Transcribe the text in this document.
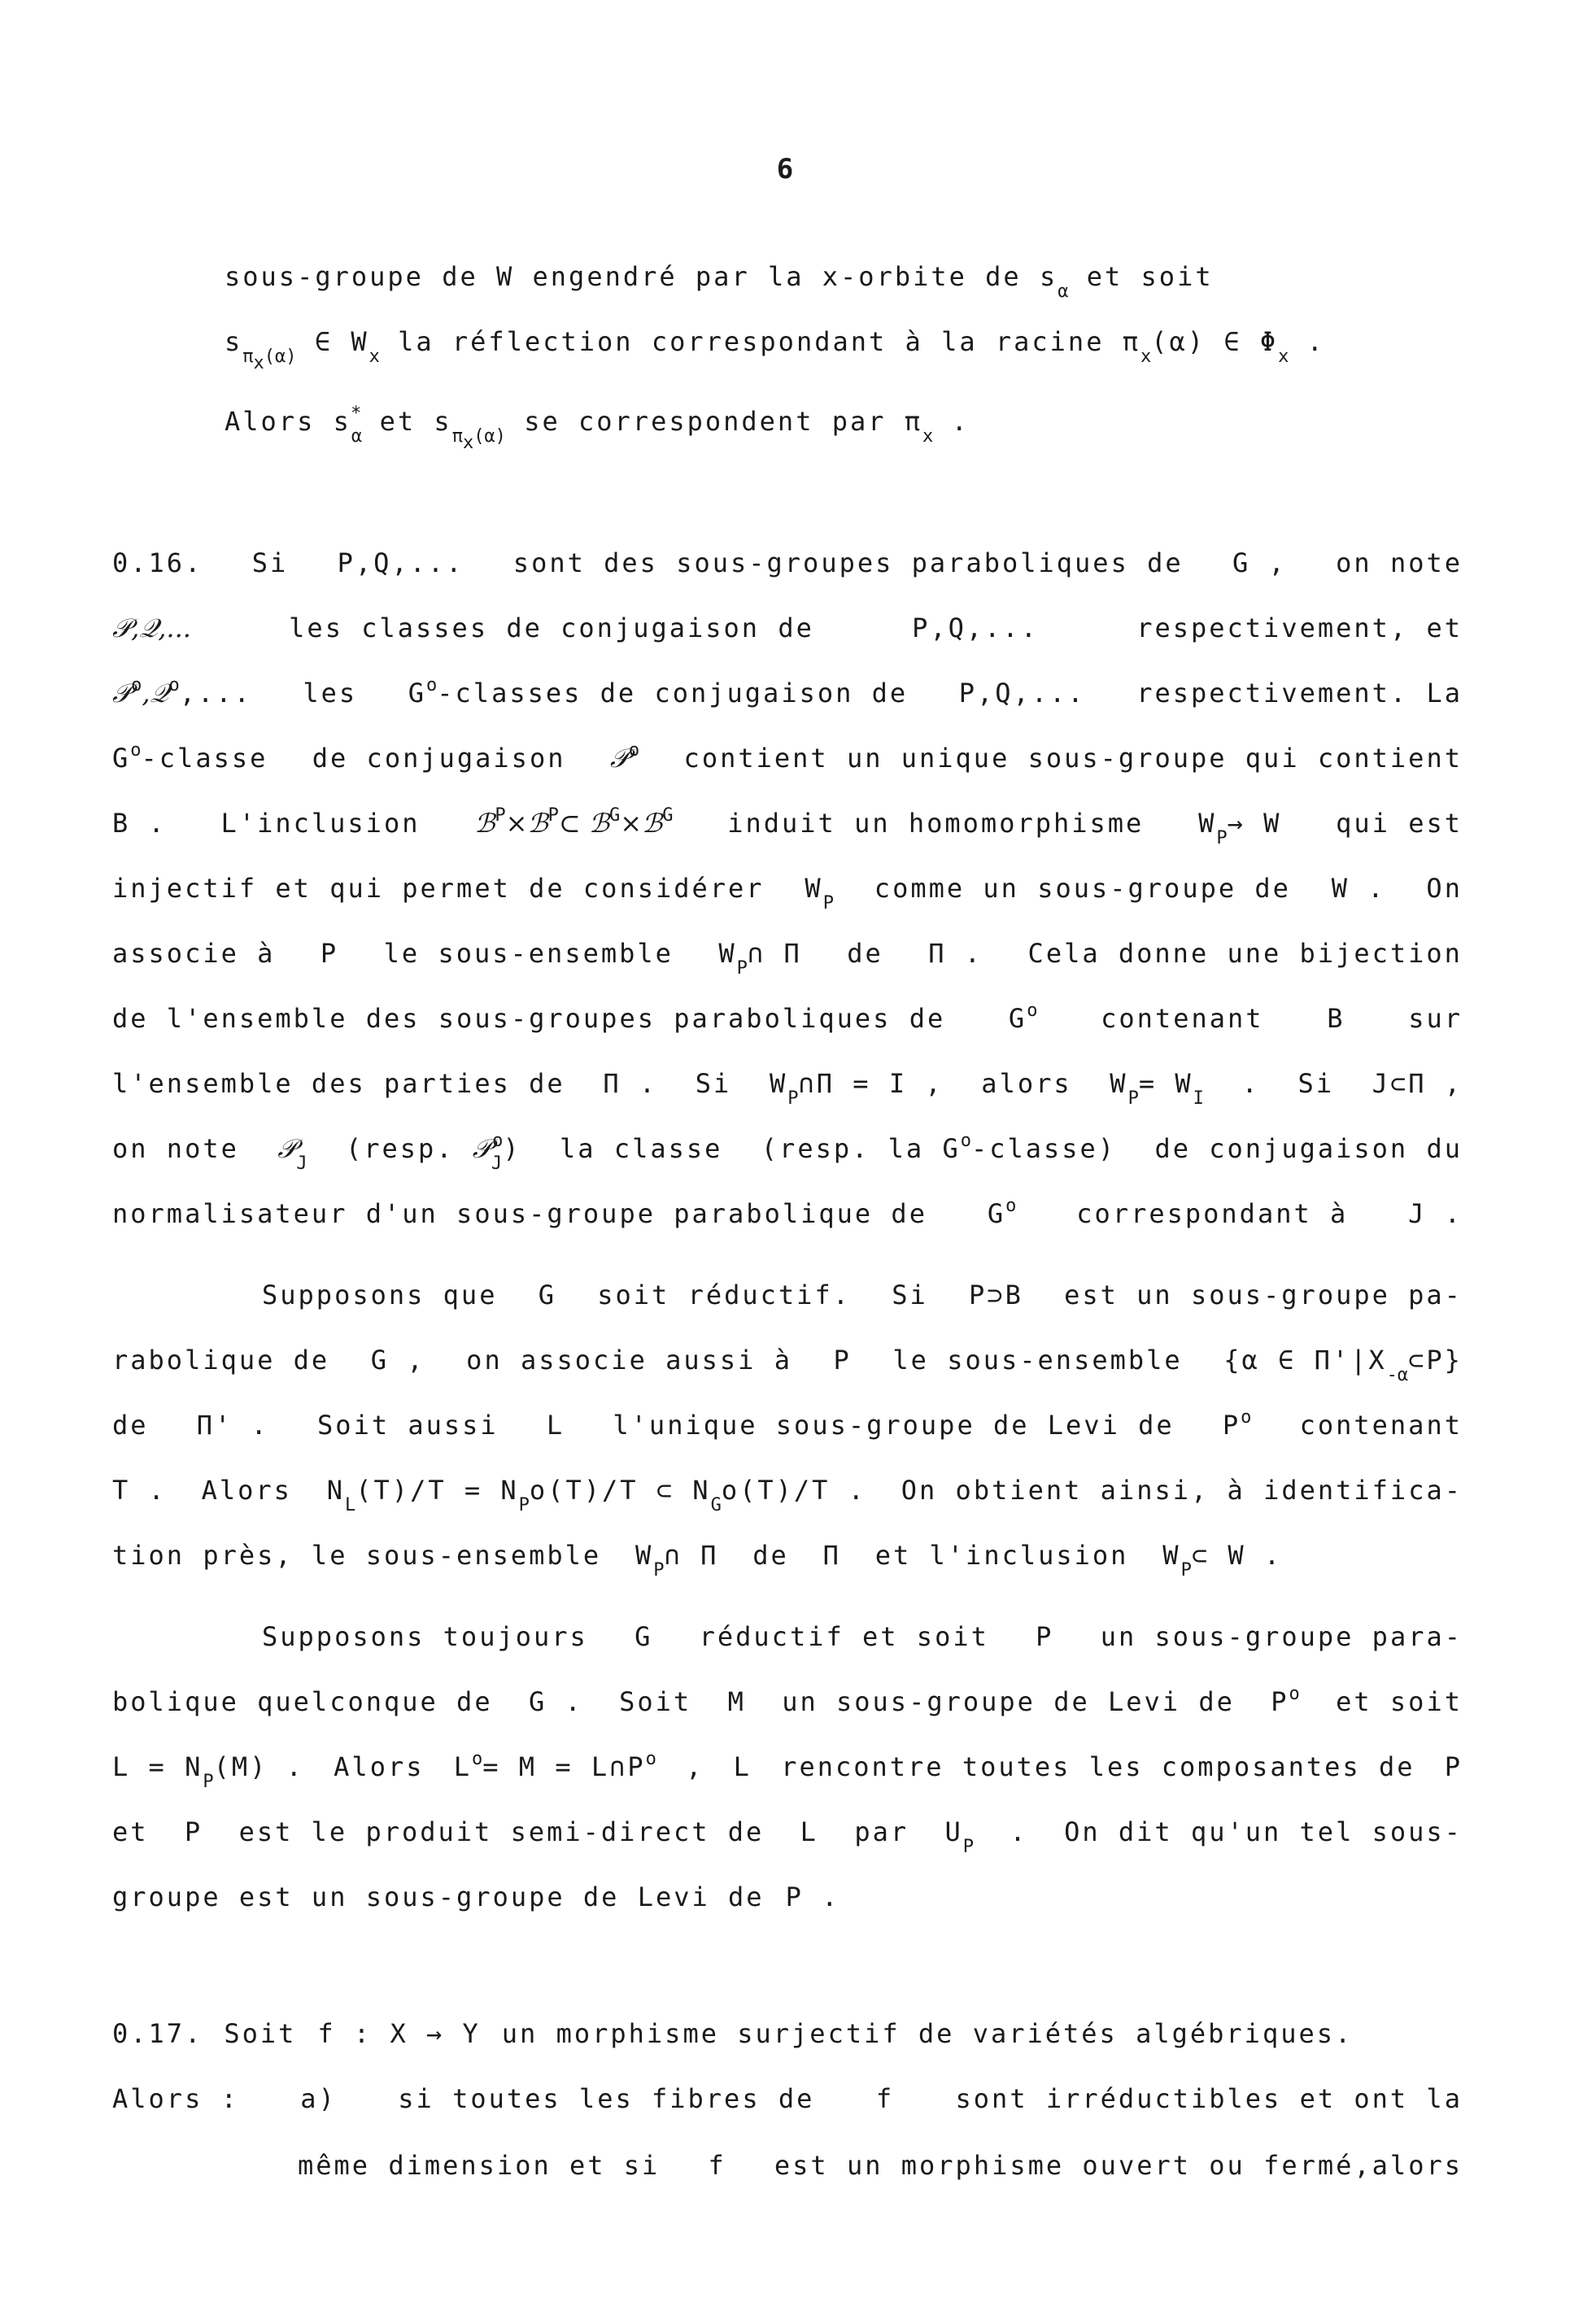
6
sous-groupe de W engendré par la x-orbite de $s_\alpha$ et soit
$s_{\pi x(\alpha)}$ ∈ $W_x$ la réflection correspondant à la racine $\pi_x(\alpha)$ ∈ $\Phi_x$ .
Alors $s_\alpha^*$ et $s_{\pi x(\alpha)}$ se correspondent par $\pi_x$ .
0.16. Si P,Q,... sont des sous-groupes paraboliques de G , on note
𝒫,𝒬,...	les classes de conjugaison de	P,Q,...	respectivement, et
𝒫$^o$,𝒬$^o$,... les $G^o$-classes de conjugaison de P,Q,... respectivement. La
$G^o$-classe de conjugaison 𝒫$^o$ contient un unique sous-groupe qui contient
B . L'inclusion ℬ$^P$×ℬ$^P$⊂ ℬ$^G$×ℬ$^G$ induit un homomorphisme $W_P\to W$ qui est
injectif et qui permet de considérer $W_P$ comme un sous-groupe de W . On
associe à P le sous-ensemble $W_P\cap$ Π de Π . Cela donne une bijection
de l'ensemble des sous-groupes paraboliques de $G^o$ contenant B sur
l'ensemble des parties de Π . Si $W_P\cap\Pi = I$ , alors $W_P= W_I$ . Si J⊂Π ,
on note 𝒫$_J$ (resp. 𝒫$_J^o$) la classe (resp. la $G^o-classe$) de conjugaison du
normalisateur d'un sous-groupe parabolique de $G^o$ correspondant à J .
Supposons que G soit réductif. Si P⊃B est un sous-groupe pa-
rabolique de G , on associe aussi à P le sous-ensemble {α ∈ $\Pi'|X_{-\alpha}\subset P$}
de Π' . Soit aussi L l'unique sous-groupe de Levi de $P^o$ contenant
T . Alors $N_L(T)/T = N_Po(T)/T$ ⊂ $N_Go(T)/T$ . On obtient ainsi, à identifica-
tion près, le sous-ensemble $W_P\cap$ Π de Π et l'inclusion $W_P\subset$ W .
Supposons toujours G réductif et soit P un sous-groupe para-
bolique quelconque de G . Soit M un sous-groupe de Levi de $P^o$ et soit
$L = N_P(M)$ . Alors $L^o= M$ = $L\cap P^o$ , L rencontre toutes les composantes de P
et P est le produit semi-direct de L par $U_P$ . On dit qu'un tel sous-
groupe est un sous-groupe de Levi de P .
0.17. Soit f : X → Y un morphisme surjectif de variétés algébriques.
Alors : a) si toutes les fibres de f sont irréductibles et ont la
même dimension et si f est un morphisme ouvert ou fermé,alors
